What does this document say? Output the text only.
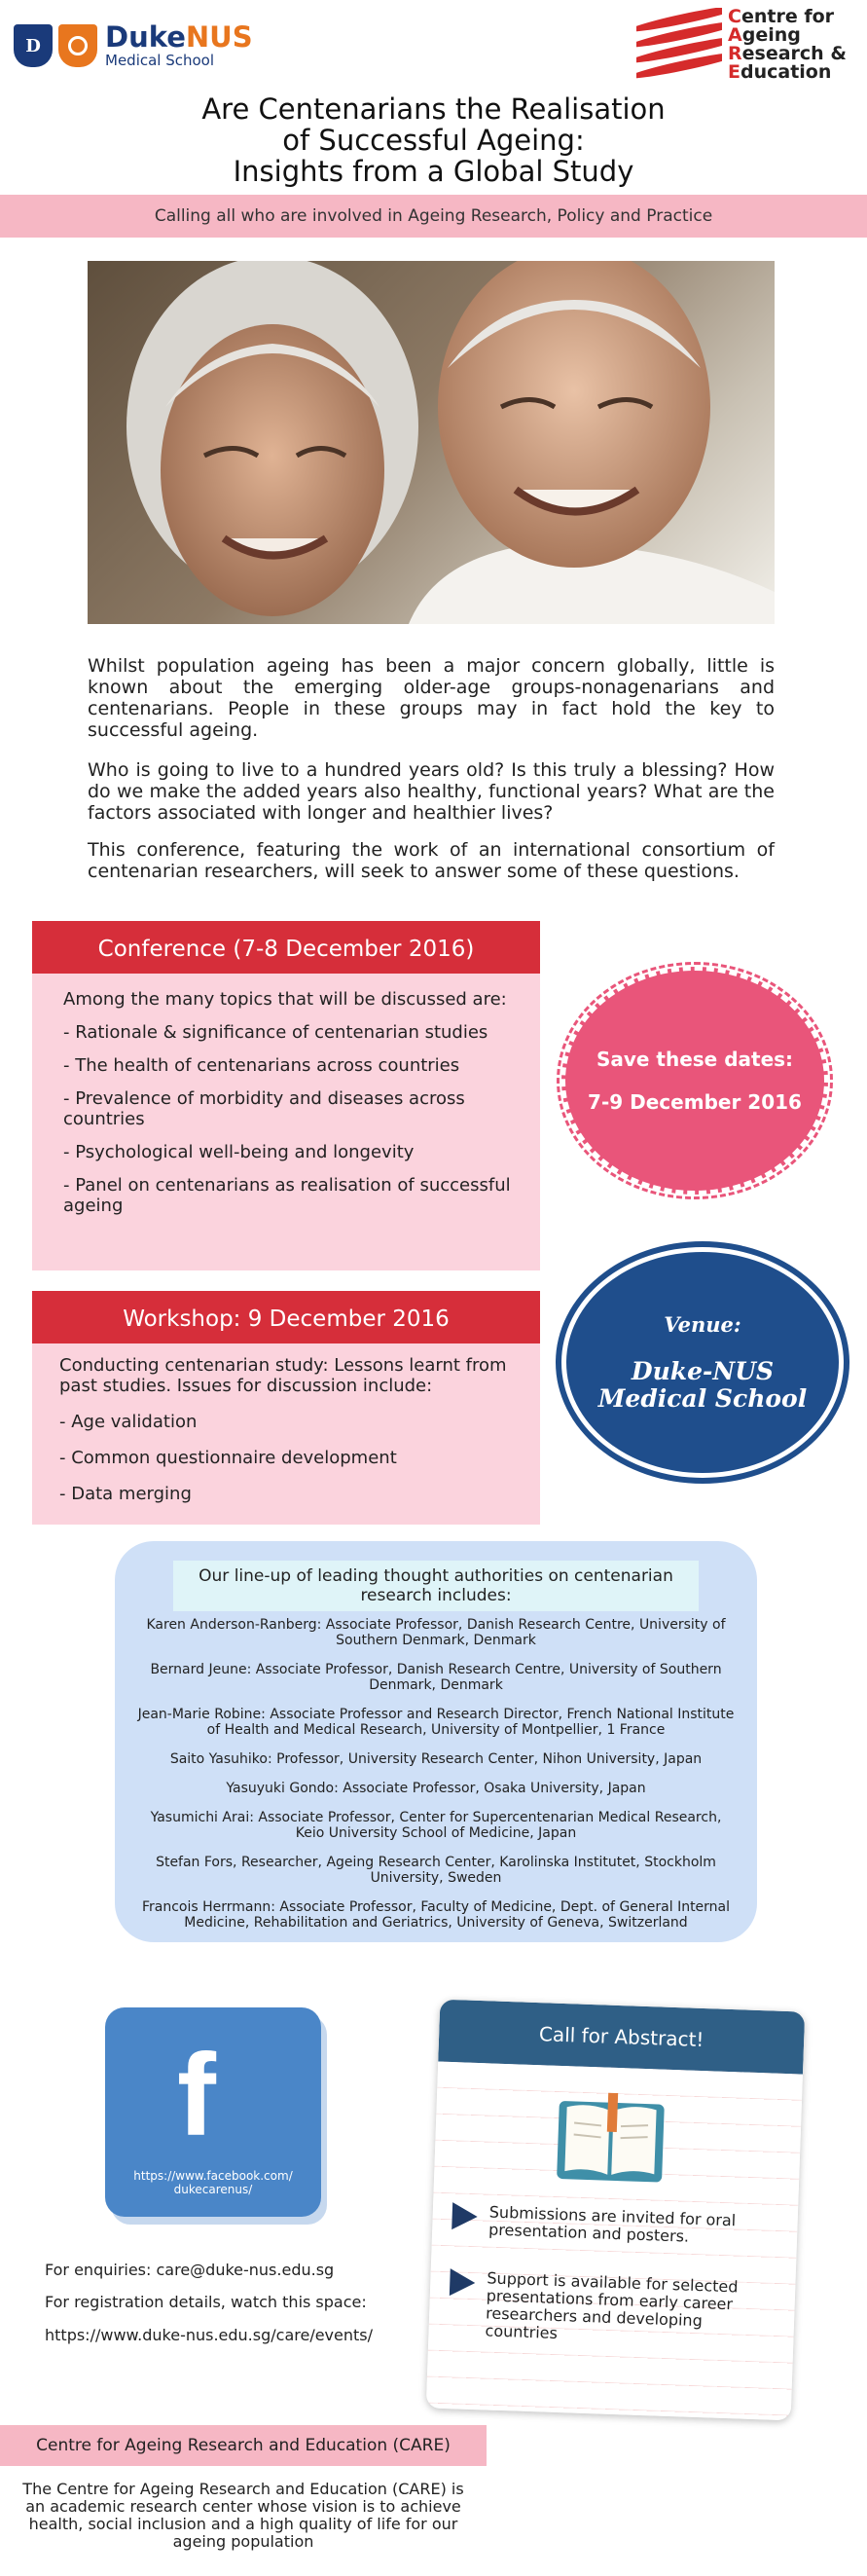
D DukeNUS
Medical School
Centre for
Ageing
Research &
Education
Are Centenarians the Realisation
of Successful Ageing:
Insights from a Global Study
Calling all who are involved in Ageing Research, Policy and Practice

Whilst population ageing has been a major concern globally, little is known about the emerging older-age groups-nonagenarians and centenarians. People in these groups may in fact hold the key to successful ageing.

Who is going to live to a hundred years old? Is this truly a blessing? How do we make the added years also healthy, functional years? What are the factors associated with longer and healthier lives?

This conference, featuring the work of an international consortium of centenarian researchers, will seek to answer some of these questions.

Conference (7-8 December 2016)

Among the many topics that will be discussed are:

- Rationale & significance of centenarian studies

- The health of centenarians across countries

- Prevalence of morbidity and diseases across countries

- Psychological well-being and longevity

- Panel on centenarians as realisation of successful ageing

Save these dates:
7-9 December 2016
Workshop: 9 December 2016

Conducting centenarian study: Lessons learnt from past studies. Issues for discussion include:

- Age validation

- Common questionnaire development

- Data merging

Venue:
Duke-NUS
Medical School
Our line-up of leading thought authorities on centenarian research includes:
Karen Anderson-Ranberg: Associate Professor, Danish Research Centre, University of Southern Denmark, Denmark
Bernard Jeune: Associate Professor, Danish Research Centre, University of Southern Denmark, Denmark
Jean-Marie Robine: Associate Professor and Research Director, French National Institute of Health and Medical Research, University of Montpellier, 1 France
Saito Yasuhiko: Professor, University Research Center, Nihon University, Japan
Yasuyuki Gondo: Associate Professor, Osaka University, Japan
Yasumichi Arai: Associate Professor, Center for Supercentenarian Medical Research, Keio University School of Medicine, Japan
Stefan Fors, Researcher, Ageing Research Center, Karolinska Institutet, Stockholm University, Sweden
Francois Herrmann: Associate Professor, Faculty of Medicine, Dept. of General Internal Medicine, Rehabilitation and Geriatrics, University of Geneva, Switzerland
f
https://www.facebook.com/
dukecarenus/
For enquiries: care@duke-nus.edu.sg
For registration details, watch this space:
https://www.duke-nus.edu.sg/care/events/
Call for Abstract!
Submissions are invited for oral presentation and posters.
Support is available for selected presentations from early career researchers and developing countries
Centre for Ageing Research and Education (CARE)

The Centre for Ageing Research and Education (CARE) is an academic research center whose vision is to achieve health, social inclusion and a high quality of life for our ageing population
